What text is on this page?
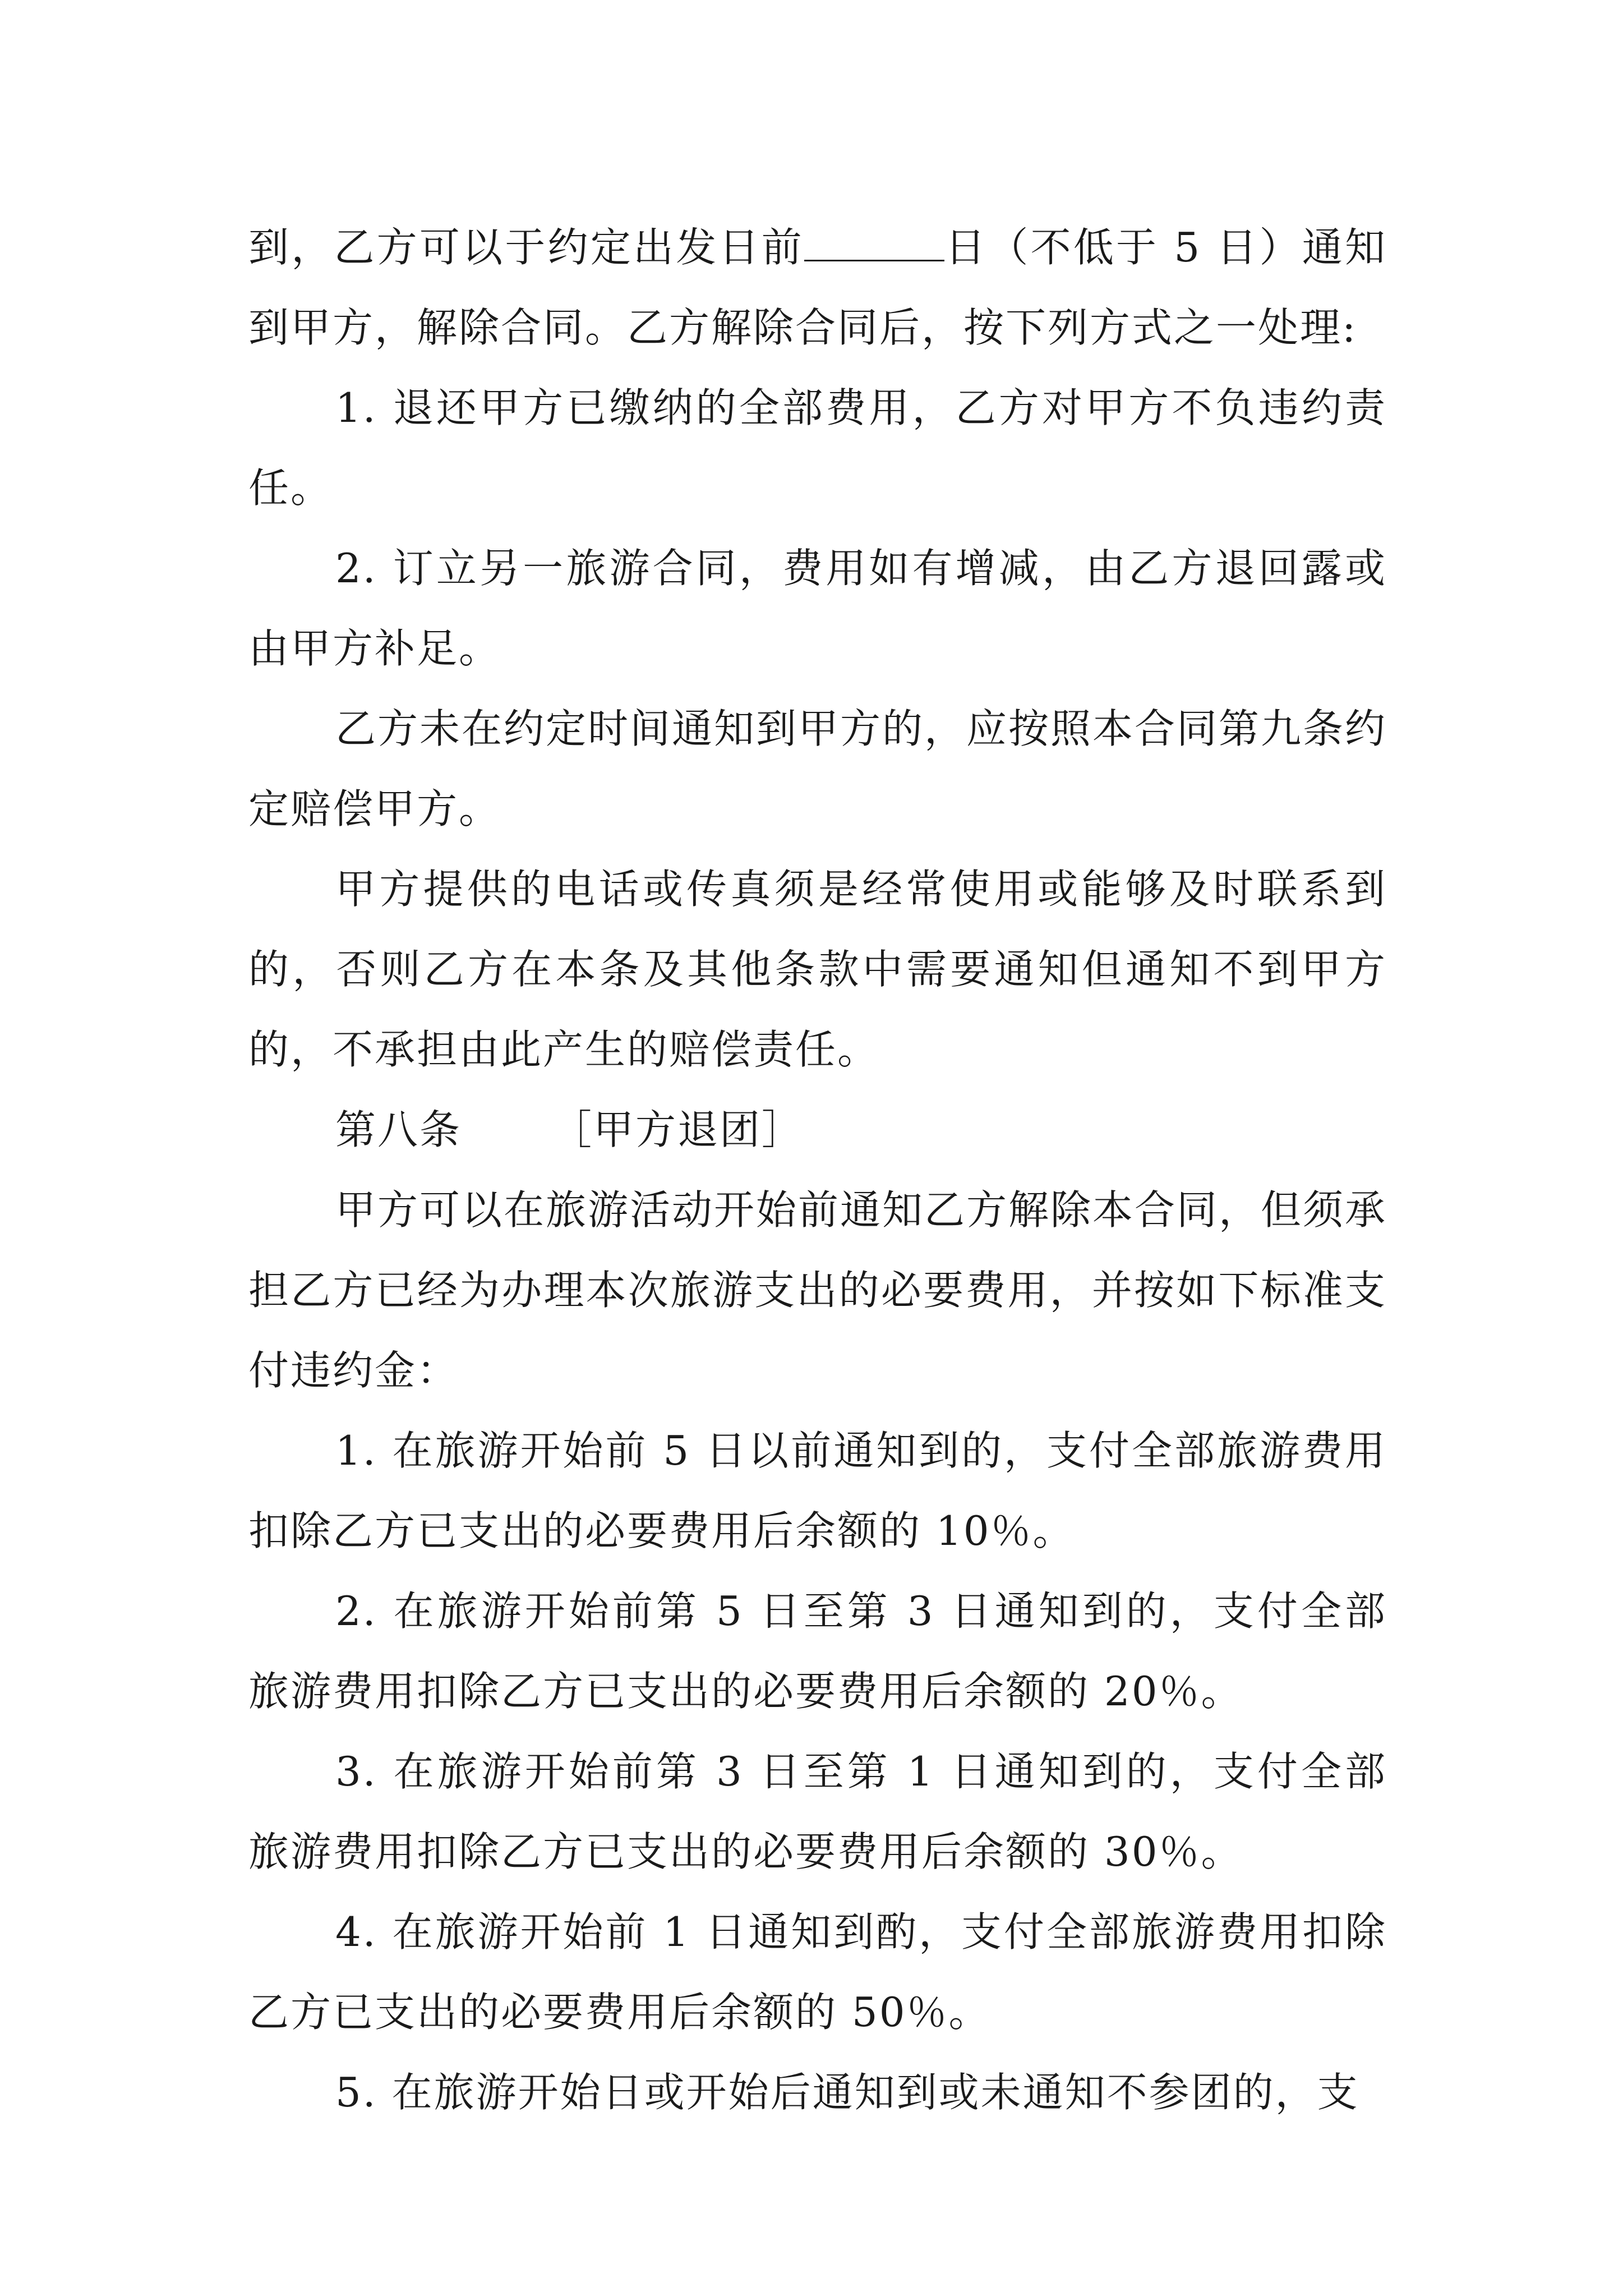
到，乙方可以于约定出发日前	日（不低于 5 日）通知到甲方，解除合同。乙方解除合同后，按下列方式之一处理:

1. 退还甲方已缴纳的全部费用，乙方对甲方不负违约责任。

2. 订立另一旅游合同，费用如有增减，由乙方退回露或由甲方补足。

乙方未在约定时间通知到甲方的，应按照本合同第九条约定赔偿甲方。

甲方提供的电话或传真须是经常使用或能够及时联系到的，否则乙方在本条及其他条款中需要通知但通知不到甲方的，不承担由此产生的赔偿责任。

第八条 ［甲方退团］

甲方可以在旅游活动开始前通知乙方解除本合同，但须承担乙方已经为办理本次旅游支出的必要费用，并按如下标准支付违约金：

1. 在旅游开始前 5 日以前通知到的，支付全部旅游费用扣除乙方已支出的必要费用后余额的 10％。

2. 在旅游开始前第 5 日至第 3 日通知到的，支付全部旅游费用扣除乙方已支出的必要费用后余额的 20％。

3. 在旅游开始前第 3 日至第 1 日通知到的，支付全部旅游费用扣除乙方已支出的必要费用后余额的 30％。

4. 在旅游开始前 1 日通知到酌，支付全部旅游费用扣除乙方已支出的必要费用后余额的 50％。

5. 在旅游开始日或开始后通知到或未通知不参团的，支
